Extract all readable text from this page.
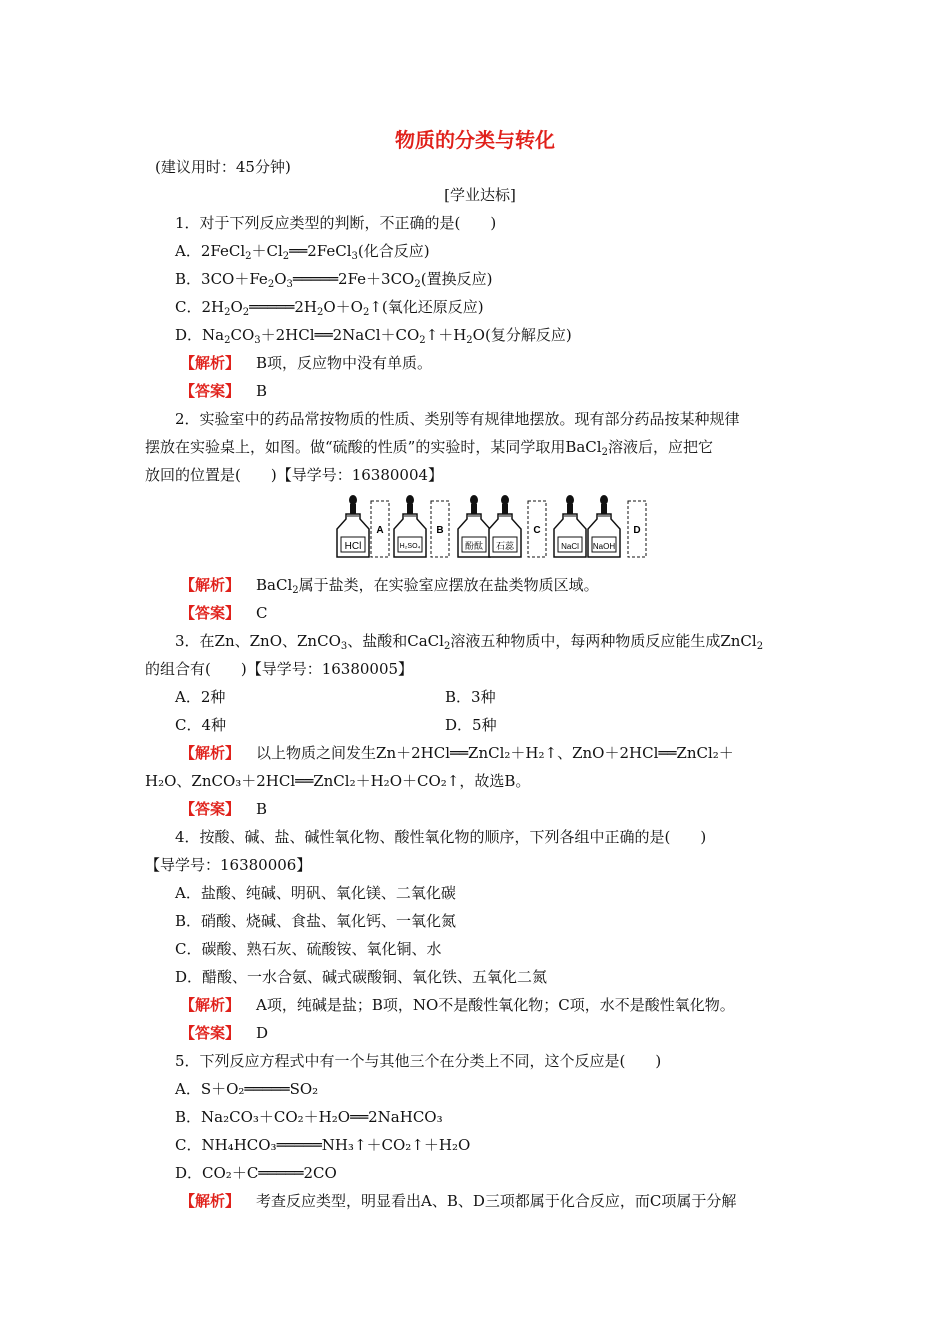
物质的分类与转化
(建议用时：45分钟)
[学业达标]
1．对于下列反应类型的判断，不正确的是(　　)
A．$2FeCl_2+Cl_2══2FeCl_3$(化合反应)
B．$3CO+Fe_2O_3═════2Fe+3CO_2$(置换反应)
C．$2H_2O_2═════2H_2O+O_2↑$(氧化还原反应)
D．$Na_2CO_3+2HCl══2NaCl+CO_2↑+H_2O$(复分解反应)
【解析】 B项，反应物中没有单质。
【答案】 B
2．实验室中的药品常按物质的性质、类别等有规律地摆放。现有部分药品按某种规律
摆放在实验桌上，如图。做“硫酸的性质”的实验时，某同学取用BaCl$_2$溶液后，应把它
放回的位置是(　　)【导学号：16380004】
HCl
A
H₂SO₄
B
酚酞 石蕊
C
NaCl NaOH
D
【解析】 BaCl$_2$属于盐类，在实验室应摆放在盐类物质区域。
【答案】 C
3．在Zn、ZnO、ZnCO$_3$、盐酸和CaCl$_2$溶液五种物质中，每两种物质反应能生成ZnCl$_2$
的组合有(　　)【导学号：16380005】
A．2种	B．3种
C．4种	D．5种
【解析】 以上物质之间发生Zn＋2HCl══ZnCl₂＋H₂↑、ZnO＋2HCl══ZnCl₂＋
H₂O、ZnCO₃＋2HCl══ZnCl₂＋H₂O＋CO₂↑，故选B。
【答案】 B
4．按酸、碱、盐、碱性氧化物、酸性氧化物的顺序，下列各组中正确的是(　　)
【导学号：16380006】
A．盐酸、纯碱、明矾、氧化镁、二氧化碳
B．硝酸、烧碱、食盐、氧化钙、一氧化氮
C．碳酸、熟石灰、硫酸铵、氧化铜、水
D．醋酸、一水合氨、碱式碳酸铜、氧化铁、五氧化二氮
【解析】 A项，纯碱是盐；B项，NO不是酸性氧化物；C项，水不是酸性氧化物。
【答案】 D
5．下列反应方程式中有一个与其他三个在分类上不同，这个反应是(　　)
A．S＋O₂═════SO₂
B．Na₂CO₃＋CO₂＋H₂O══2NaHCO₃
C．NH₄HCO₃═════NH₃↑＋CO₂↑＋H₂O
D．CO₂＋C═════2CO
【解析】 考查反应类型，明显看出A、B、D三项都属于化合反应，而C项属于分解
